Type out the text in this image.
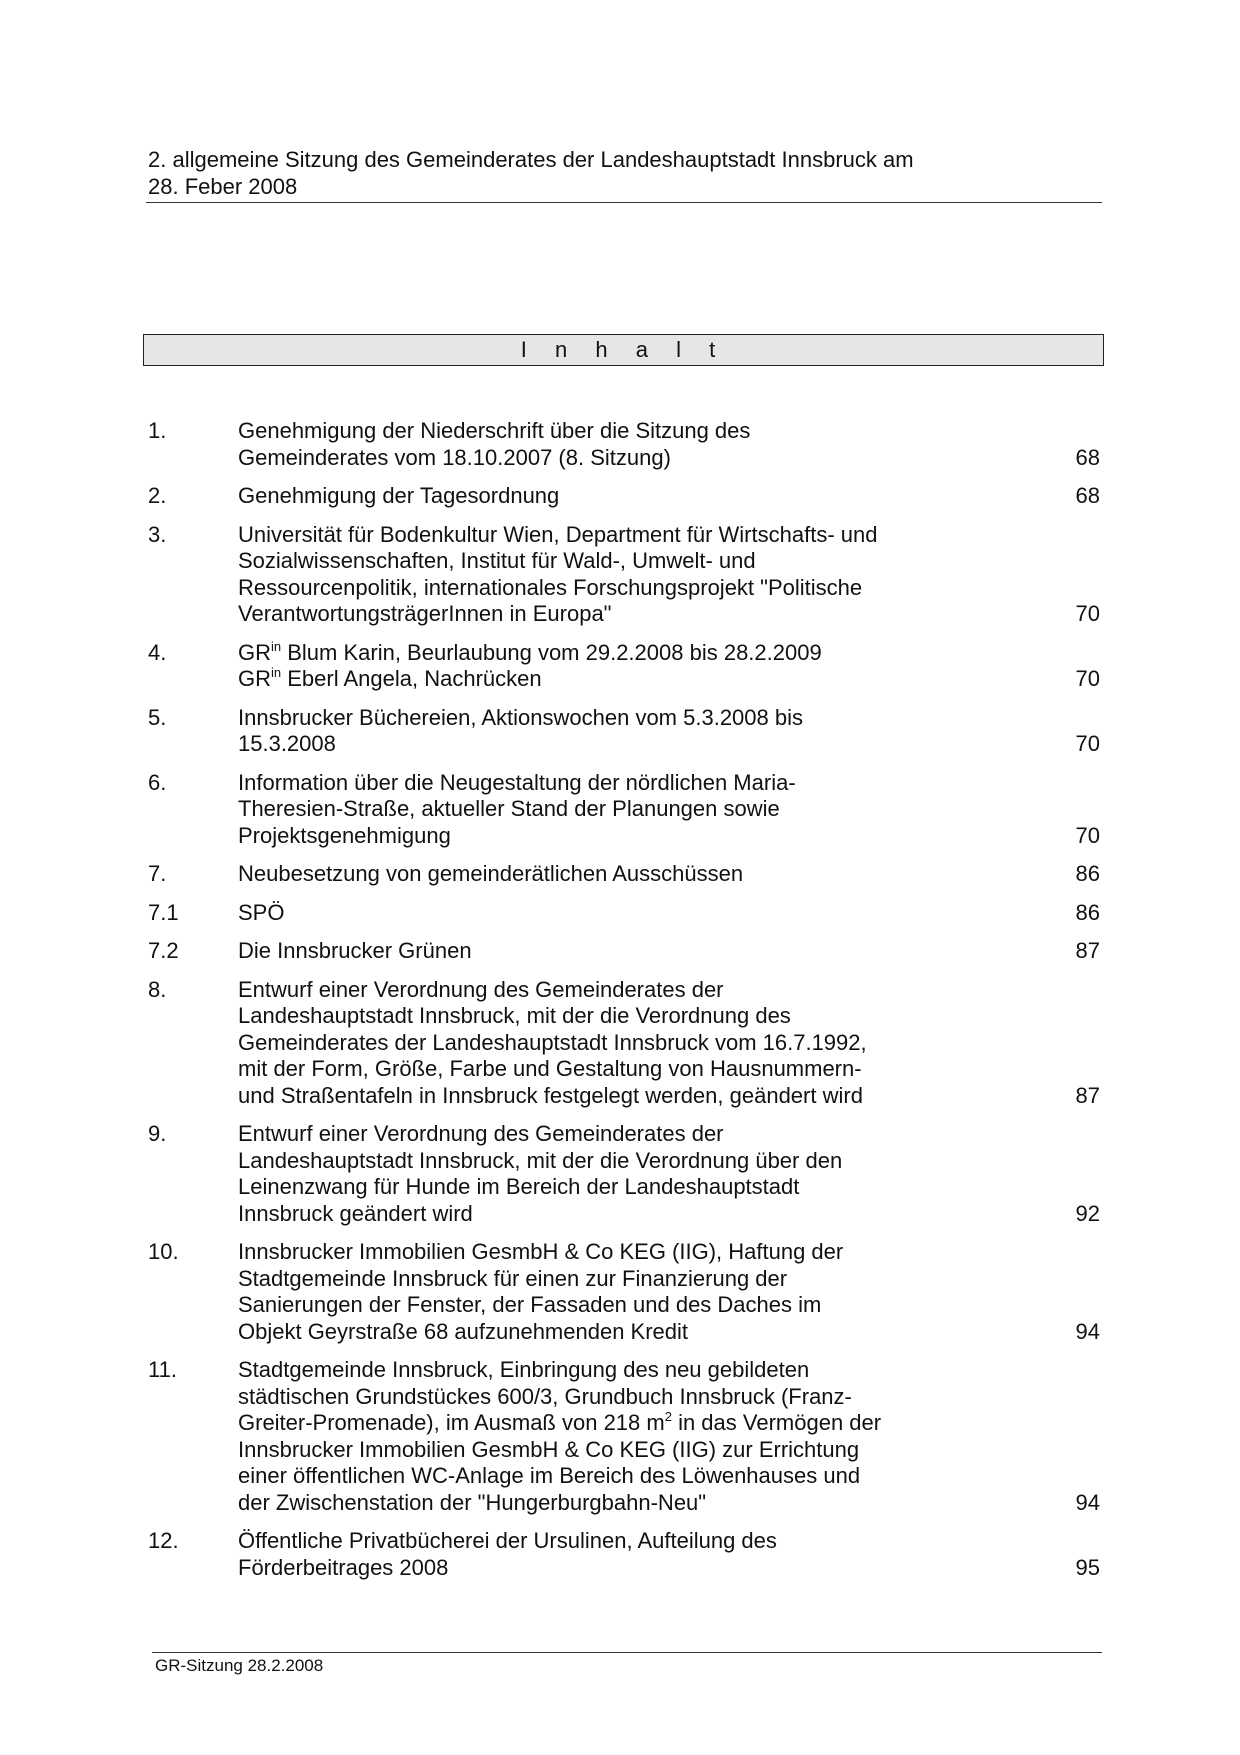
2. allgemeine Sitzung des Gemeinderates der Landeshauptstadt Innsbruck am
28. Feber 2008
I n h a l t
1.	Genehmigung der Niederschrift über die Sitzung des
Gemeinderates vom 18.10.2007 (8. Sitzung)	68
2.	Genehmigung der Tagesordnung	68
3.	Universität für Bodenkultur Wien, Department für Wirtschafts- und
Sozialwissenschaften, Institut für Wald-, Umwelt- und
Ressourcenpolitik, internationales Forschungsprojekt "Politische
VerantwortungsträgerInnen in Europa"	70
4.	$GR^{in}$ Blum Karin, Beurlaubung vom 29.2.2008 bis 28.2.2009
$GR^{in}$ Eberl Angela, Nachrücken	70
5.	Innsbrucker Büchereien, Aktionswochen vom 5.3.2008 bis
15.3.2008	70
6.	Information über die Neugestaltung der nördlichen Maria-
Theresien-Straße, aktueller Stand der Planungen sowie
Projektsgenehmigung	70
7.	Neubesetzung von gemeinderätlichen Ausschüssen	86
7.1	SPÖ	86
7.2	Die Innsbrucker Grünen	87
8.	Entwurf einer Verordnung des Gemeinderates der
Landeshauptstadt Innsbruck, mit der die Verordnung des
Gemeinderates der Landeshauptstadt Innsbruck vom 16.7.1992,
mit der Form, Größe, Farbe und Gestaltung von Hausnummern-
und Straßentafeln in Innsbruck festgelegt werden, geändert wird	87
9.	Entwurf einer Verordnung des Gemeinderates der
Landeshauptstadt Innsbruck, mit der die Verordnung über den
Leinenzwang für Hunde im Bereich der Landeshauptstadt
Innsbruck geändert wird	92
10.	Innsbrucker Immobilien GesmbH & Co KEG (IIG), Haftung der
Stadtgemeinde Innsbruck für einen zur Finanzierung der
Sanierungen der Fenster, der Fassaden und des Daches im
Objekt Geyrstraße 68 aufzunehmenden Kredit	94
11.	Stadtgemeinde Innsbruck, Einbringung des neu gebildeten
städtischen Grundstückes 600/3, Grundbuch Innsbruck (Franz-
Greiter-Promenade), im Ausmaß von 218 $m^2$ in das Vermögen der
Innsbrucker Immobilien GesmbH & Co KEG (IIG) zur Errichtung
einer öffentlichen WC-Anlage im Bereich des Löwenhauses und
der Zwischenstation der "Hungerburgbahn-Neu"	94
12.	Öffentliche Privatbücherei der Ursulinen, Aufteilung des
Förderbeitrages 2008	95
GR-Sitzung 28.2.2008
